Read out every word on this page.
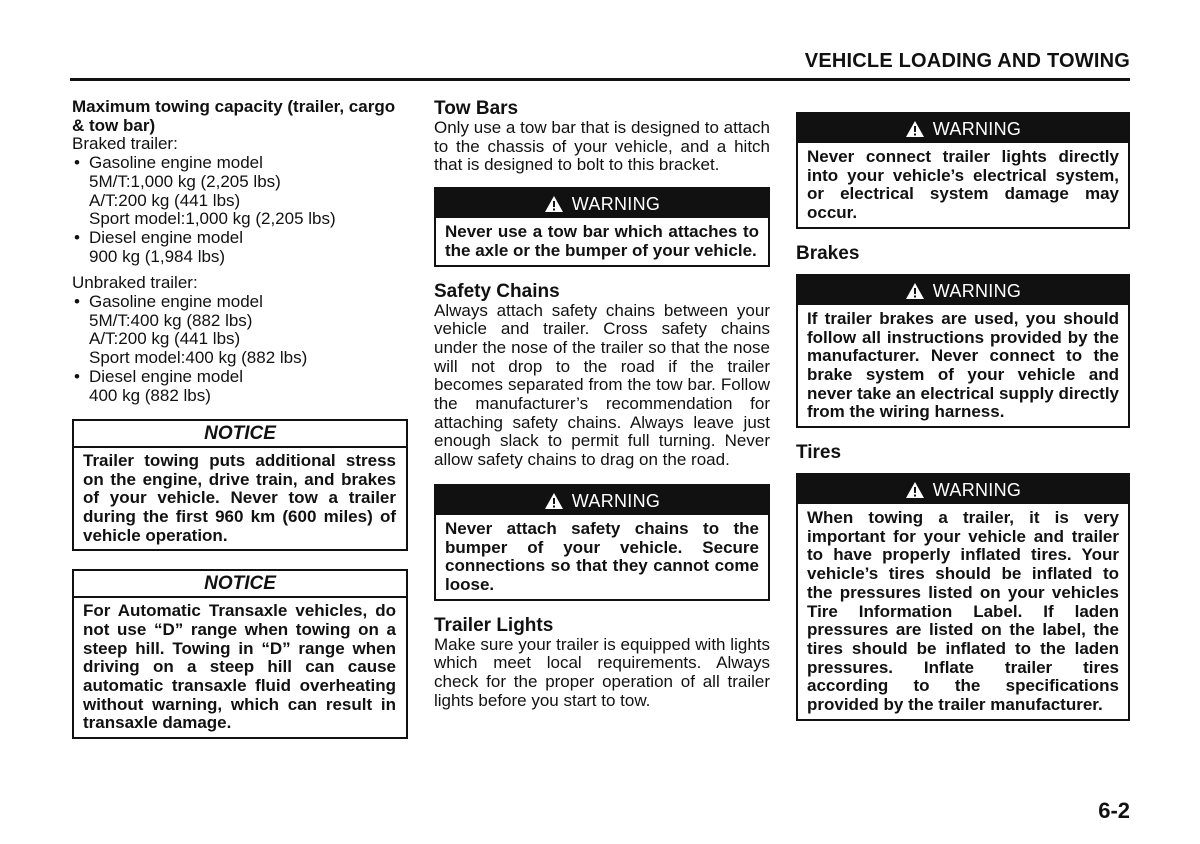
VEHICLE LOADING AND TOWING

Maximum towing capacity (trailer, cargo & tow bar)

Braked trailer:

• Gasoline engine model
5M/T:1,000 kg (2,205 lbs)
A/T:200 kg (441 lbs)
Sport model:1,000 kg (2,205 lbs)
• Diesel engine model
900 kg (1,984 lbs)

Unbraked trailer:

• Gasoline engine model
5M/T:400 kg (882 lbs)
A/T:200 kg (441 lbs)
Sport model:400 kg (882 lbs)
• Diesel engine model
400 kg (882 lbs)
NOTICE
Trailer towing puts additional stress on the engine, drive train, and brakes of your vehicle. Never tow a trailer during the first 960 km (600 miles) of vehicle operation.
NOTICE
For Automatic Transaxle vehicles, do not use “D” range when towing on a steep hill. Towing in “D” range when driving on a steep hill can cause automatic transaxle fluid overheating without warning, which can result in transaxle damage.

Tow Bars

Only use a tow bar that is designed to attach to the chassis of your vehicle, and a hitch that is designed to bolt to this bracket.

WARNING
Never use a tow bar which attaches to the axle or the bumper of your vehicle.

Safety Chains

Always attach safety chains between your vehicle and trailer. Cross safety chains under the nose of the trailer so that the nose will not drop to the road if the trailer becomes separated from the tow bar. Follow the manufacturer’s recommendation for attaching safety chains. Always leave just enough slack to permit full turning. Never allow safety chains to drag on the road.

WARNING
Never attach safety chains to the bumper of your vehicle. Secure connections so that they cannot come loose.

Trailer Lights

Make sure your trailer is equipped with lights which meet local requirements. Always check for the proper operation of all trailer lights before you start to tow.

WARNING
Never connect trailer lights directly into your vehicle’s electrical system, or electrical system damage may occur.

Brakes

WARNING
If trailer brakes are used, you should follow all instructions provided by the manufacturer. Never connect to the brake system of your vehicle and never take an electrical supply directly from the wiring harness.

Tires

WARNING
When towing a trailer, it is very important for your vehicle and trailer to have properly inflated tires. Your vehicle’s tires should be inflated to the pressures listed on your vehicles Tire Information Label. If laden pressures are listed on the label, the tires should be inflated to the laden pressures. Inflate trailer tires according to the specifications provided by the trailer manufacturer.
6-2
